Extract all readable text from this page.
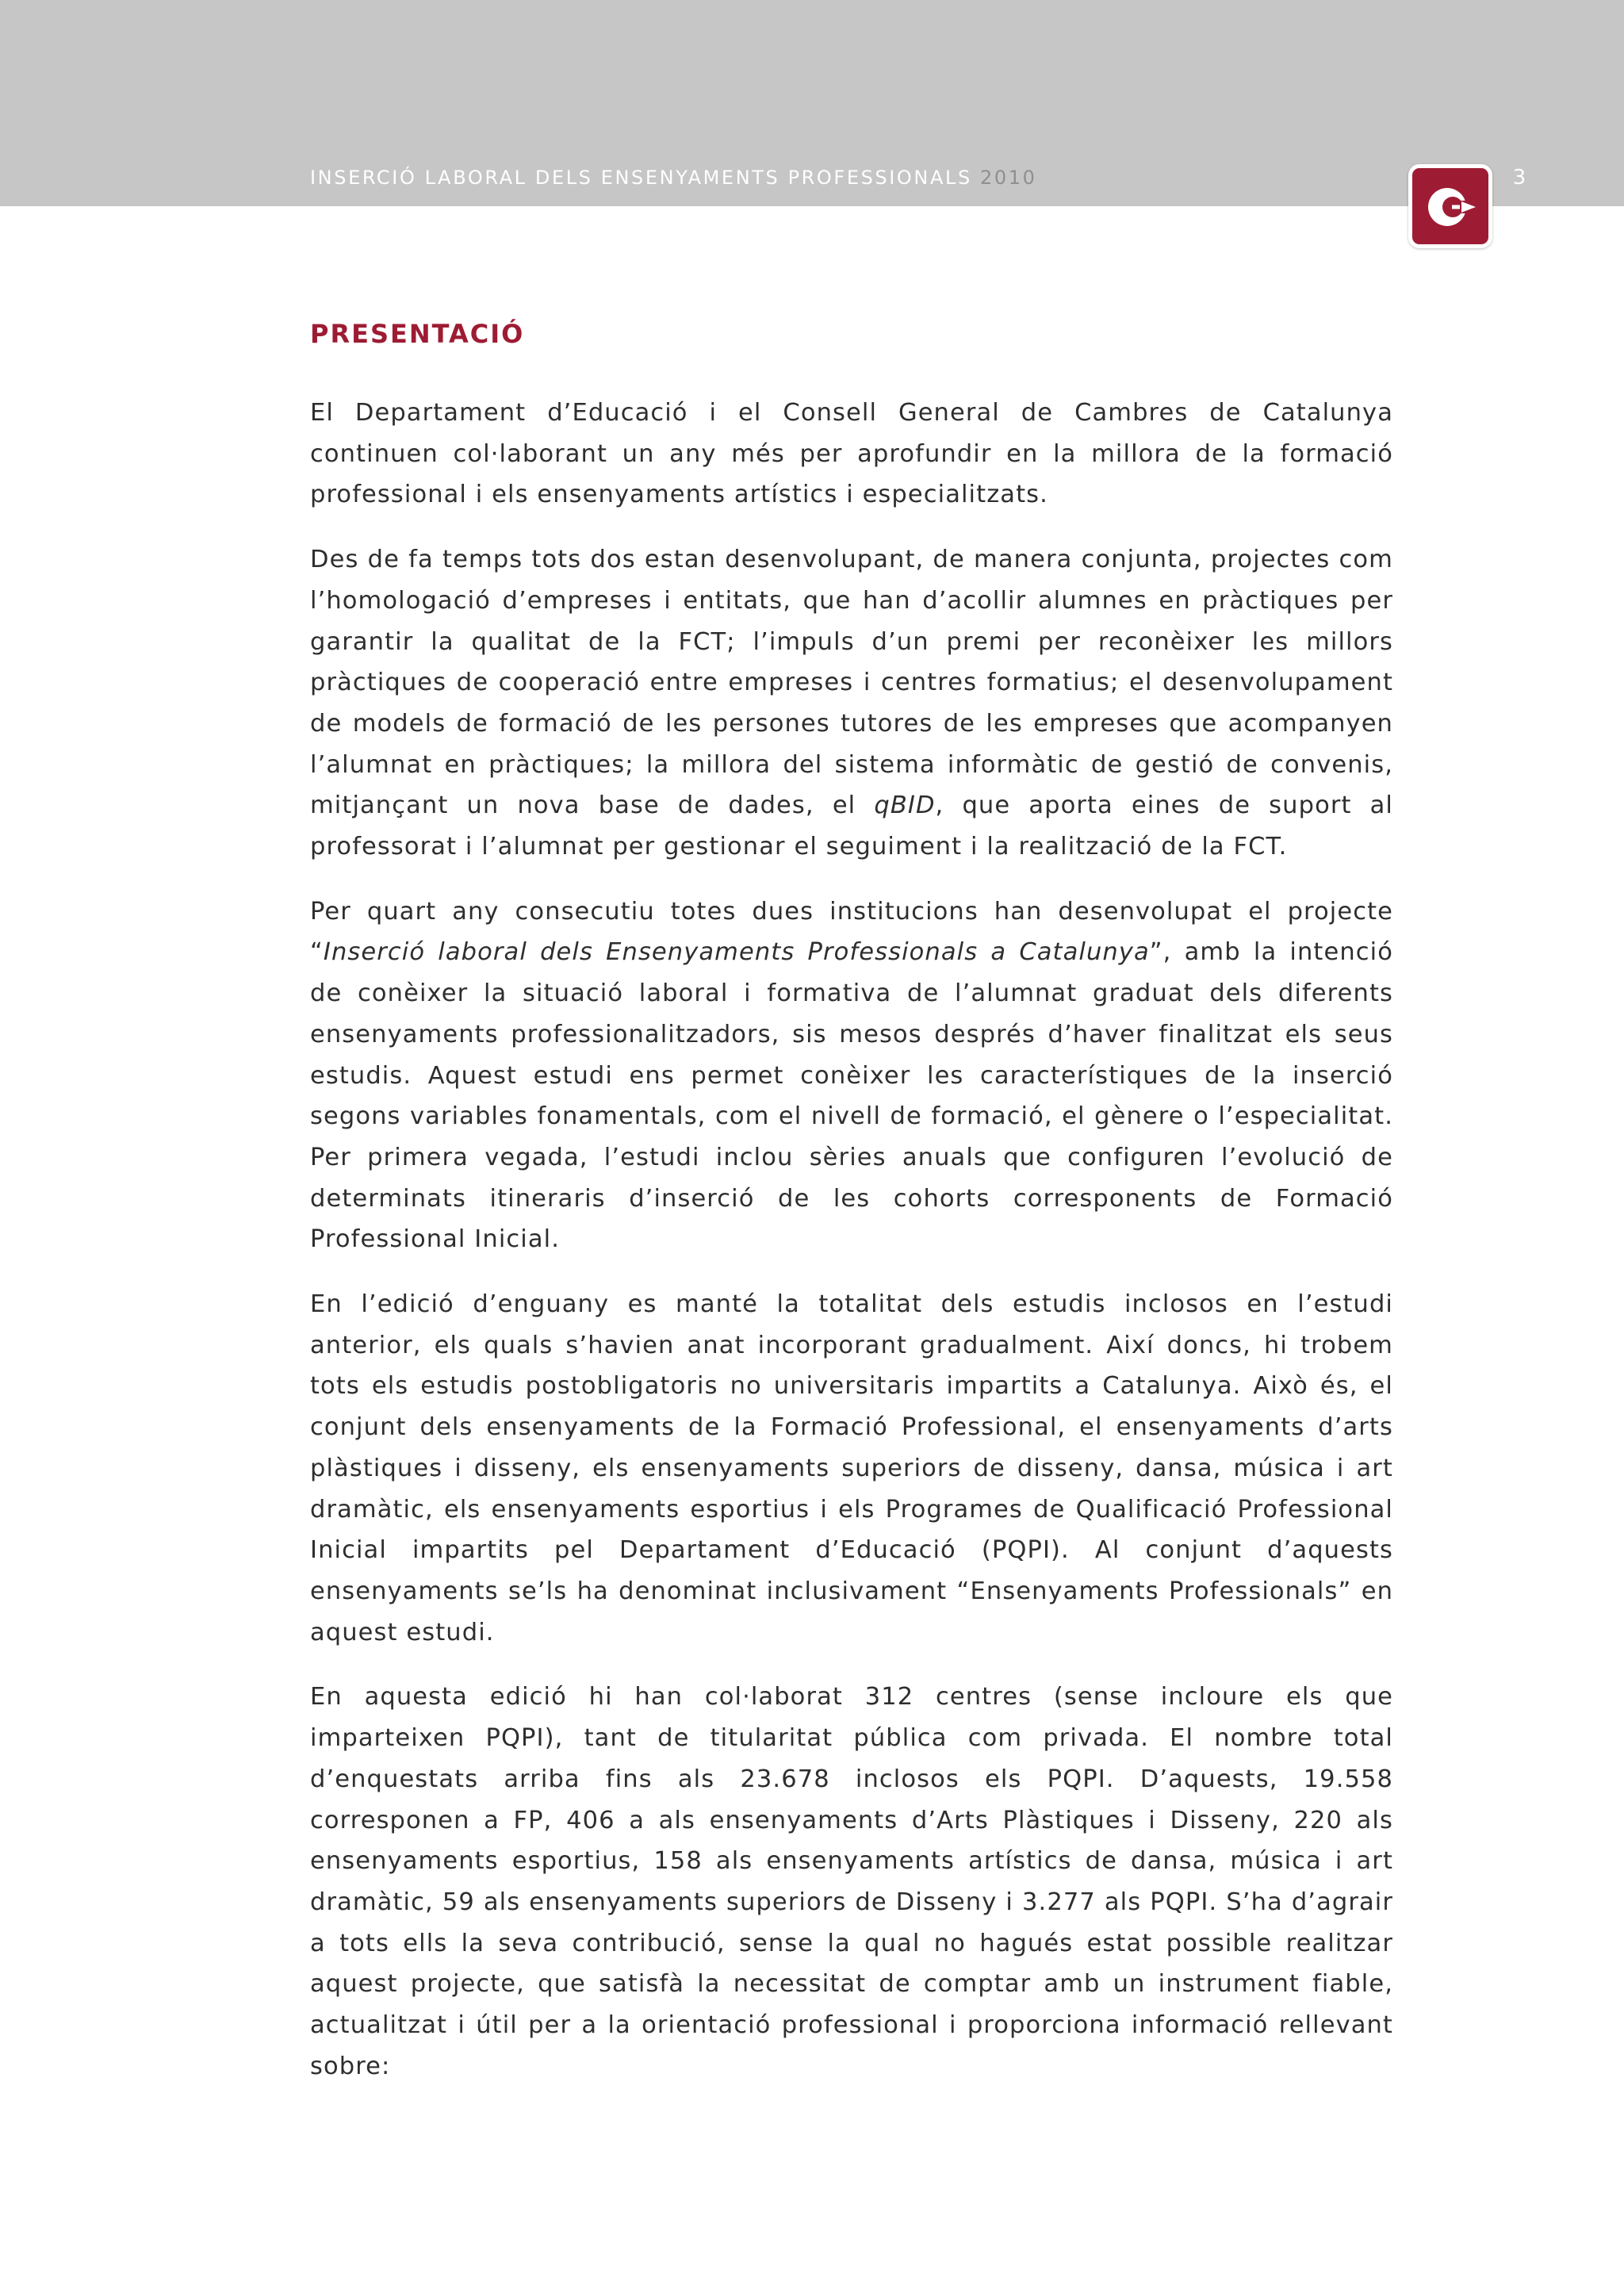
INSERCIÓ LABORAL DELS ENSENYAMENTS PROFESSIONALS 2010	3
PRESENTACIÓ

El Departament d’Educació i el Consell General de Cambres de Catalunya continuen col·laborant un any més per aprofundir en la millora de la formació professional i els ensenyaments artístics i especialitzats.

Des de fa temps tots dos estan desenvolupant, de manera conjunta, projectes com l’homologació d’empreses i entitats, que han d’acollir alumnes en pràctiques per garantir la qualitat de la FCT; l’impuls d’un premi per reconèixer les millors pràctiques de cooperació entre empreses i centres formatius; el desenvolupament de models de formació de les persones tutores de les empreses que acompanyen l’alumnat en pràctiques; la millora del sistema informàtic de gestió de convenis, mitjançant un nova base de dades, el qBID, que aporta eines de suport al professorat i l’alumnat per gestionar el seguiment i la realització de la FCT.

Per quart any consecutiu totes dues institucions han desenvolupat el projecte “Inserció laboral dels Ensenyaments Professionals a Catalunya”, amb la intenció de conèixer la situació laboral i formativa de l’alumnat graduat dels diferents ensenyaments professionalitzadors, sis mesos després d’haver finalitzat els seus estudis. Aquest estudi ens permet conèixer les característiques de la inserció segons variables fonamentals, com el nivell de formació, el gènere o l’especialitat. Per primera vegada, l’estudi inclou sèries anuals que configuren l’evolució de determinats itineraris d’inserció de les cohorts corresponents de Formació Professional Inicial.

En l’edició d’enguany es manté la totalitat dels estudis inclosos en l’estudi anterior, els quals s’havien anat incorporant gradualment. Així doncs, hi trobem tots els estudis postobligatoris no universitaris impartits a Catalunya. Això és, el conjunt dels ensenyaments de la Formació Professional, el ensenyaments d’arts plàstiques i disseny, els ensenyaments superiors de disseny, dansa, música i art dramàtic, els ensenyaments esportius i els Programes de Qualificació Professional Inicial impartits pel Departament d’Educació (PQPI). Al conjunt d’aquests ensenyaments se’ls ha denominat inclusivament “Ensenyaments Professionals” en aquest estudi.

En aquesta edició hi han col·laborat 312 centres (sense incloure els que imparteixen PQPI), tant de titularitat pública com privada. El nombre total d’enquestats arriba fins als 23.678 inclosos els PQPI. D’aquests, 19.558 corresponen a FP, 406 a als ensenyaments d’Arts Plàstiques i Disseny, 220 als ensenyaments esportius, 158 als ensenyaments artístics de dansa, música i art dramàtic, 59 als ensenyaments superiors de Disseny i 3.277 als PQPI. S’ha d’agrair a tots ells la seva contribució, sense la qual no hagués estat possible realitzar aquest projecte, que satisfà la necessitat de comptar amb un instrument fiable, actualitzat i útil per a la orientació professional i proporciona informació rellevant sobre:
